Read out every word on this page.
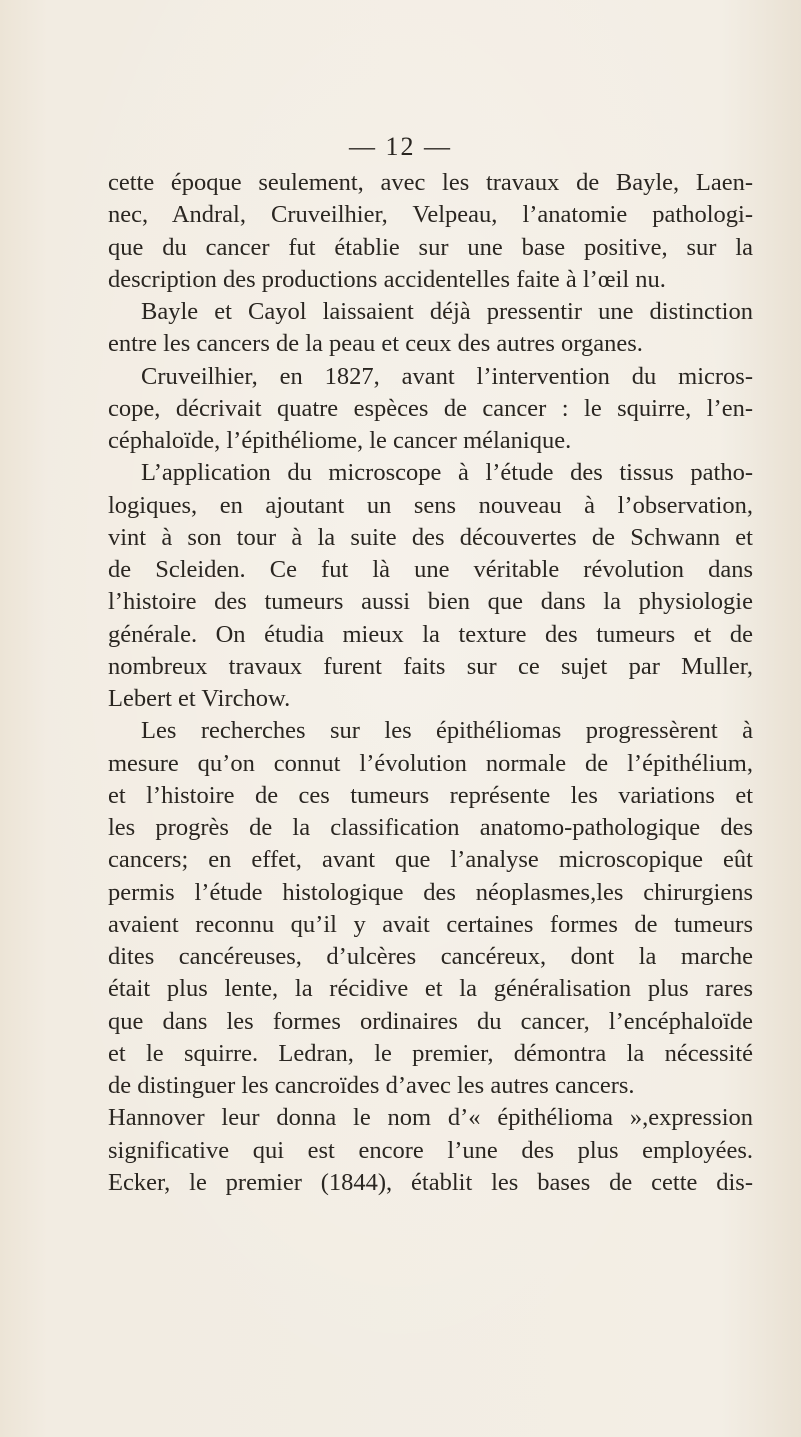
— 12 —
cette époque seulement, avec les travaux de Bayle, Laen-
nec, Andral, Cruveilhier, Velpeau, l’anatomie pathologi-
que du cancer fut établie sur une base positive, sur la
description des productions accidentelles faite à l’œil nu.
Bayle et Cayol laissaient déjà pressentir une distinction
entre les cancers de la peau et ceux des autres organes.
Cruveilhier, en 1827, avant l’intervention du micros-
cope, décrivait quatre espèces de cancer : le squirre, l’en-
céphaloïde, l’épithéliome, le cancer mélanique.
L’application du microscope à l’étude des tissus patho-
logiques, en ajoutant un sens nouveau à l’observation,
vint à son tour à la suite des découvertes de Schwann et
de Scleiden. Ce fut là une véritable révolution dans
l’histoire des tumeurs aussi bien que dans la physiologie
générale. On étudia mieux la texture des tumeurs et de
nombreux travaux furent faits sur ce sujet par Muller,
Lebert et Virchow.
Les recherches sur les épithéliomas progressèrent à
mesure qu’on connut l’évolution normale de l’épithélium,
et l’histoire de ces tumeurs représente les variations et
les progrès de la classification anatomo-pathologique des
cancers; en effet, avant que l’analyse microscopique eût
permis l’étude histologique des néoplasmes,les chirurgiens
avaient reconnu qu’il y avait certaines formes de tumeurs
dites cancéreuses, d’ulcères cancéreux, dont la marche
était plus lente, la récidive et la généralisation plus rares
que dans les formes ordinaires du cancer, l’encéphaloïde
et le squirre. Ledran, le premier, démontra la nécessité
de distinguer les cancroïdes d’avec les autres cancers.
Hannover leur donna le nom d’« épithélioma »,expression
significative qui est encore l’une des plus employées.
Ecker, le premier (1844), établit les bases de cette dis-
